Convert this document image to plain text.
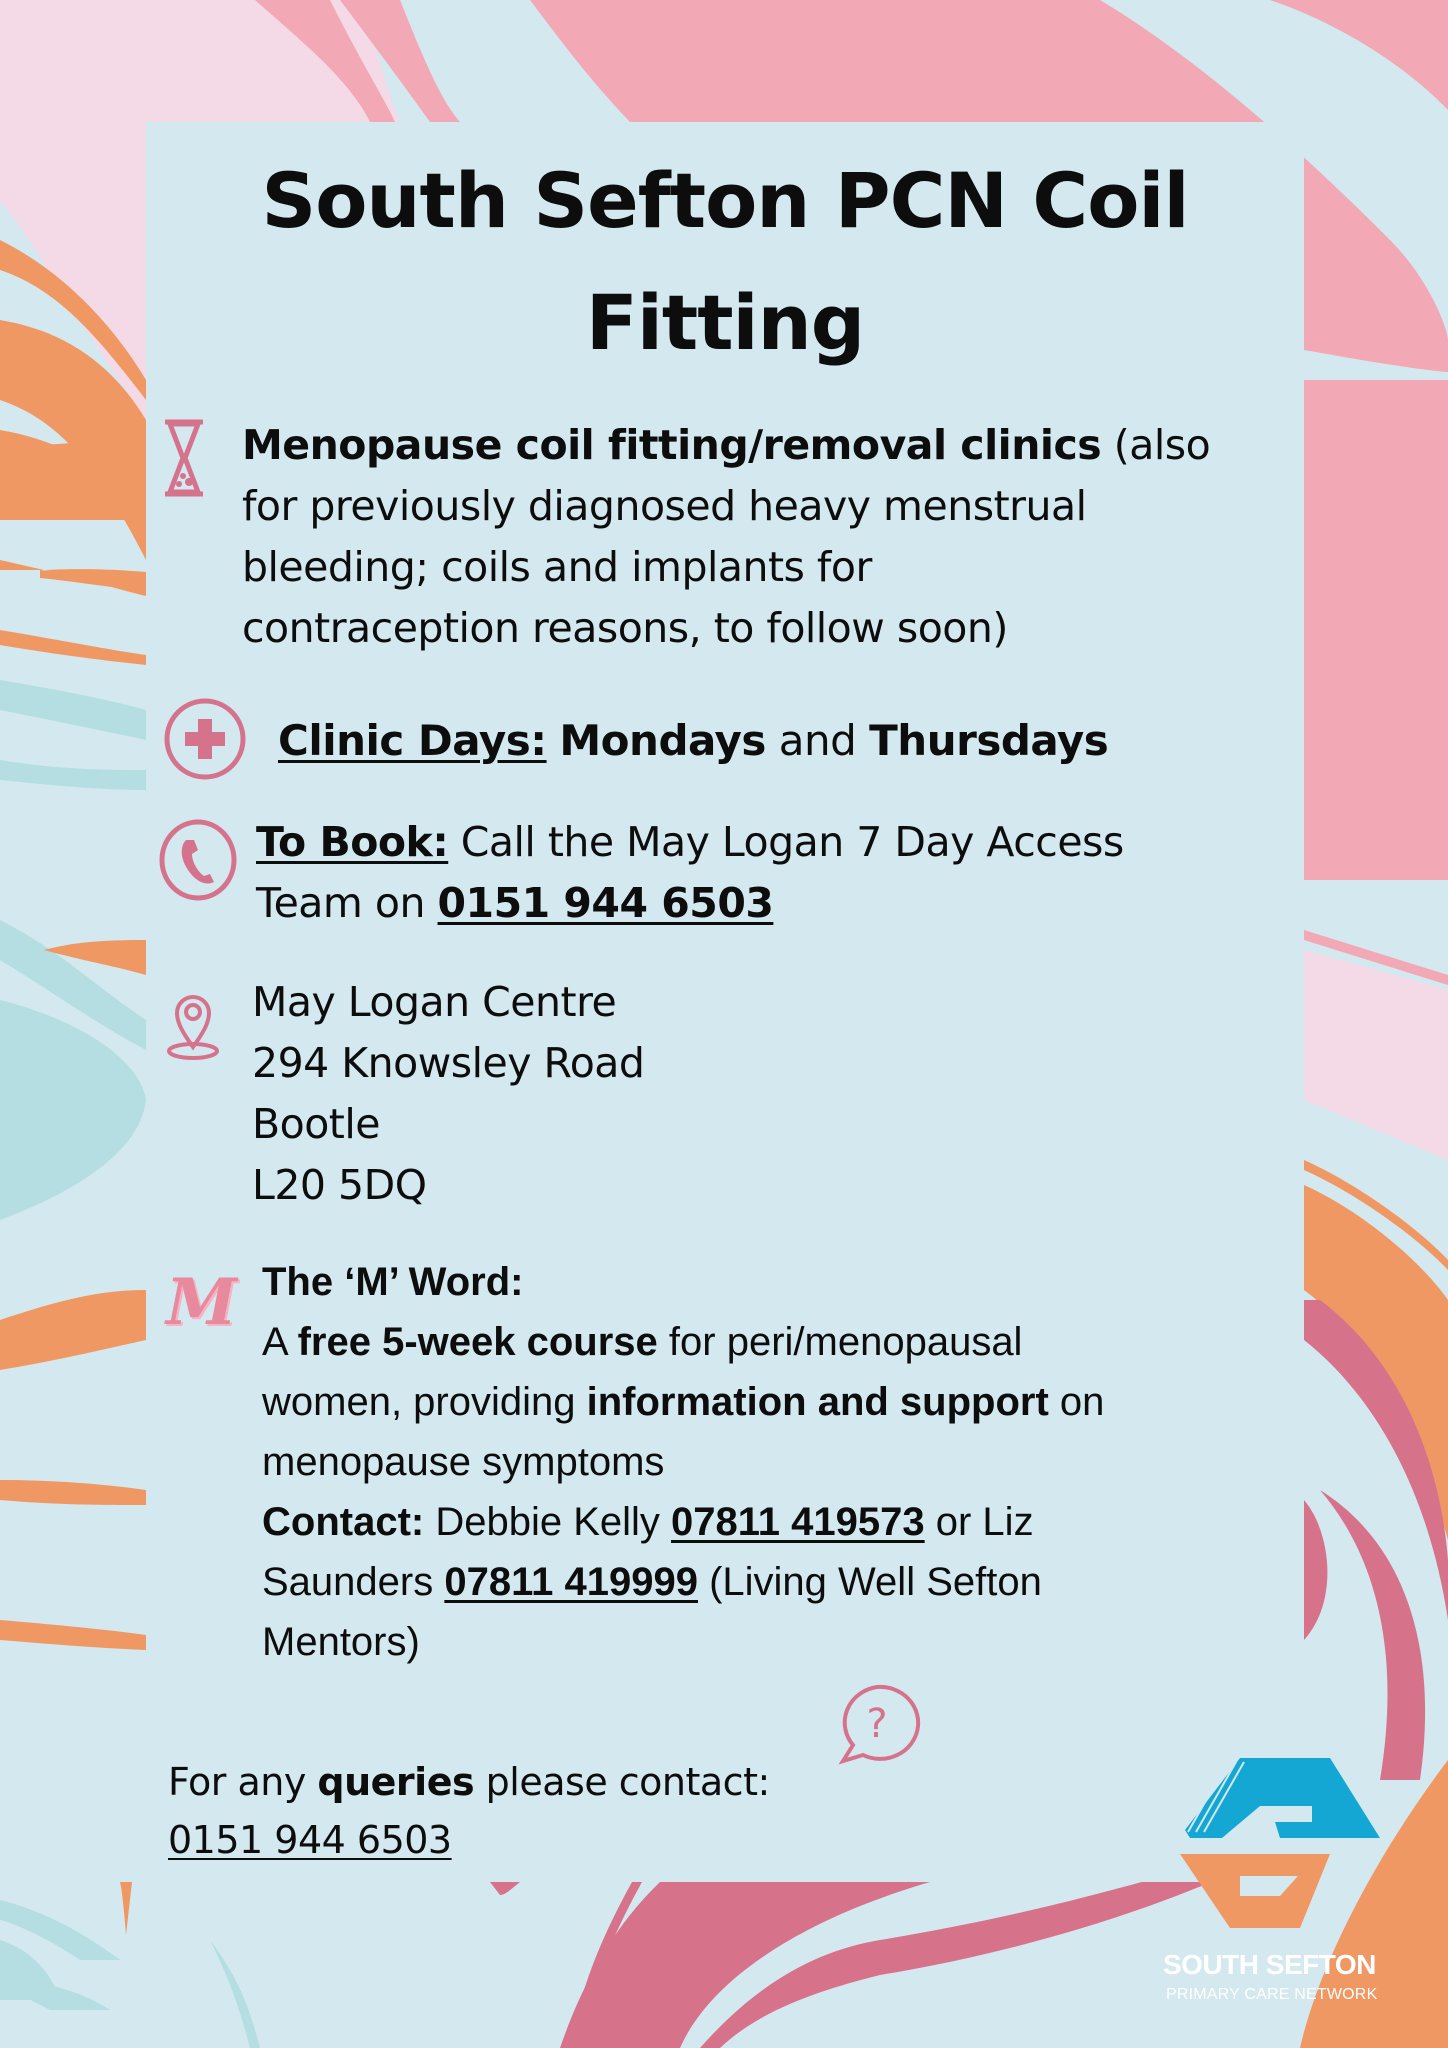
South Sefton PCN Coil
Fitting
Menopause coil fitting/removal clinics (also
for previously diagnosed heavy menstrual
bleeding; coils and implants for
contraception reasons, to follow soon)
Clinic Days: Mondays and Thursdays
To Book: Call the May Logan 7 Day Access
Team on 0151 944 6503
May Logan Centre
294 Knowsley Road
Bootle
L20 5DQ
M The ‘M’ Word:
A free 5-week course for peri/menopausal
women, providing information and support on
menopause symptoms
Contact: Debbie Kelly 07811 419573 or Liz
Saunders 07811 419999 (Living Well Sefton
Mentors)
?
For any queries please contact:
0151 944 6503
SOUTH SEFTON
PRIMARY CARE NETWORK
